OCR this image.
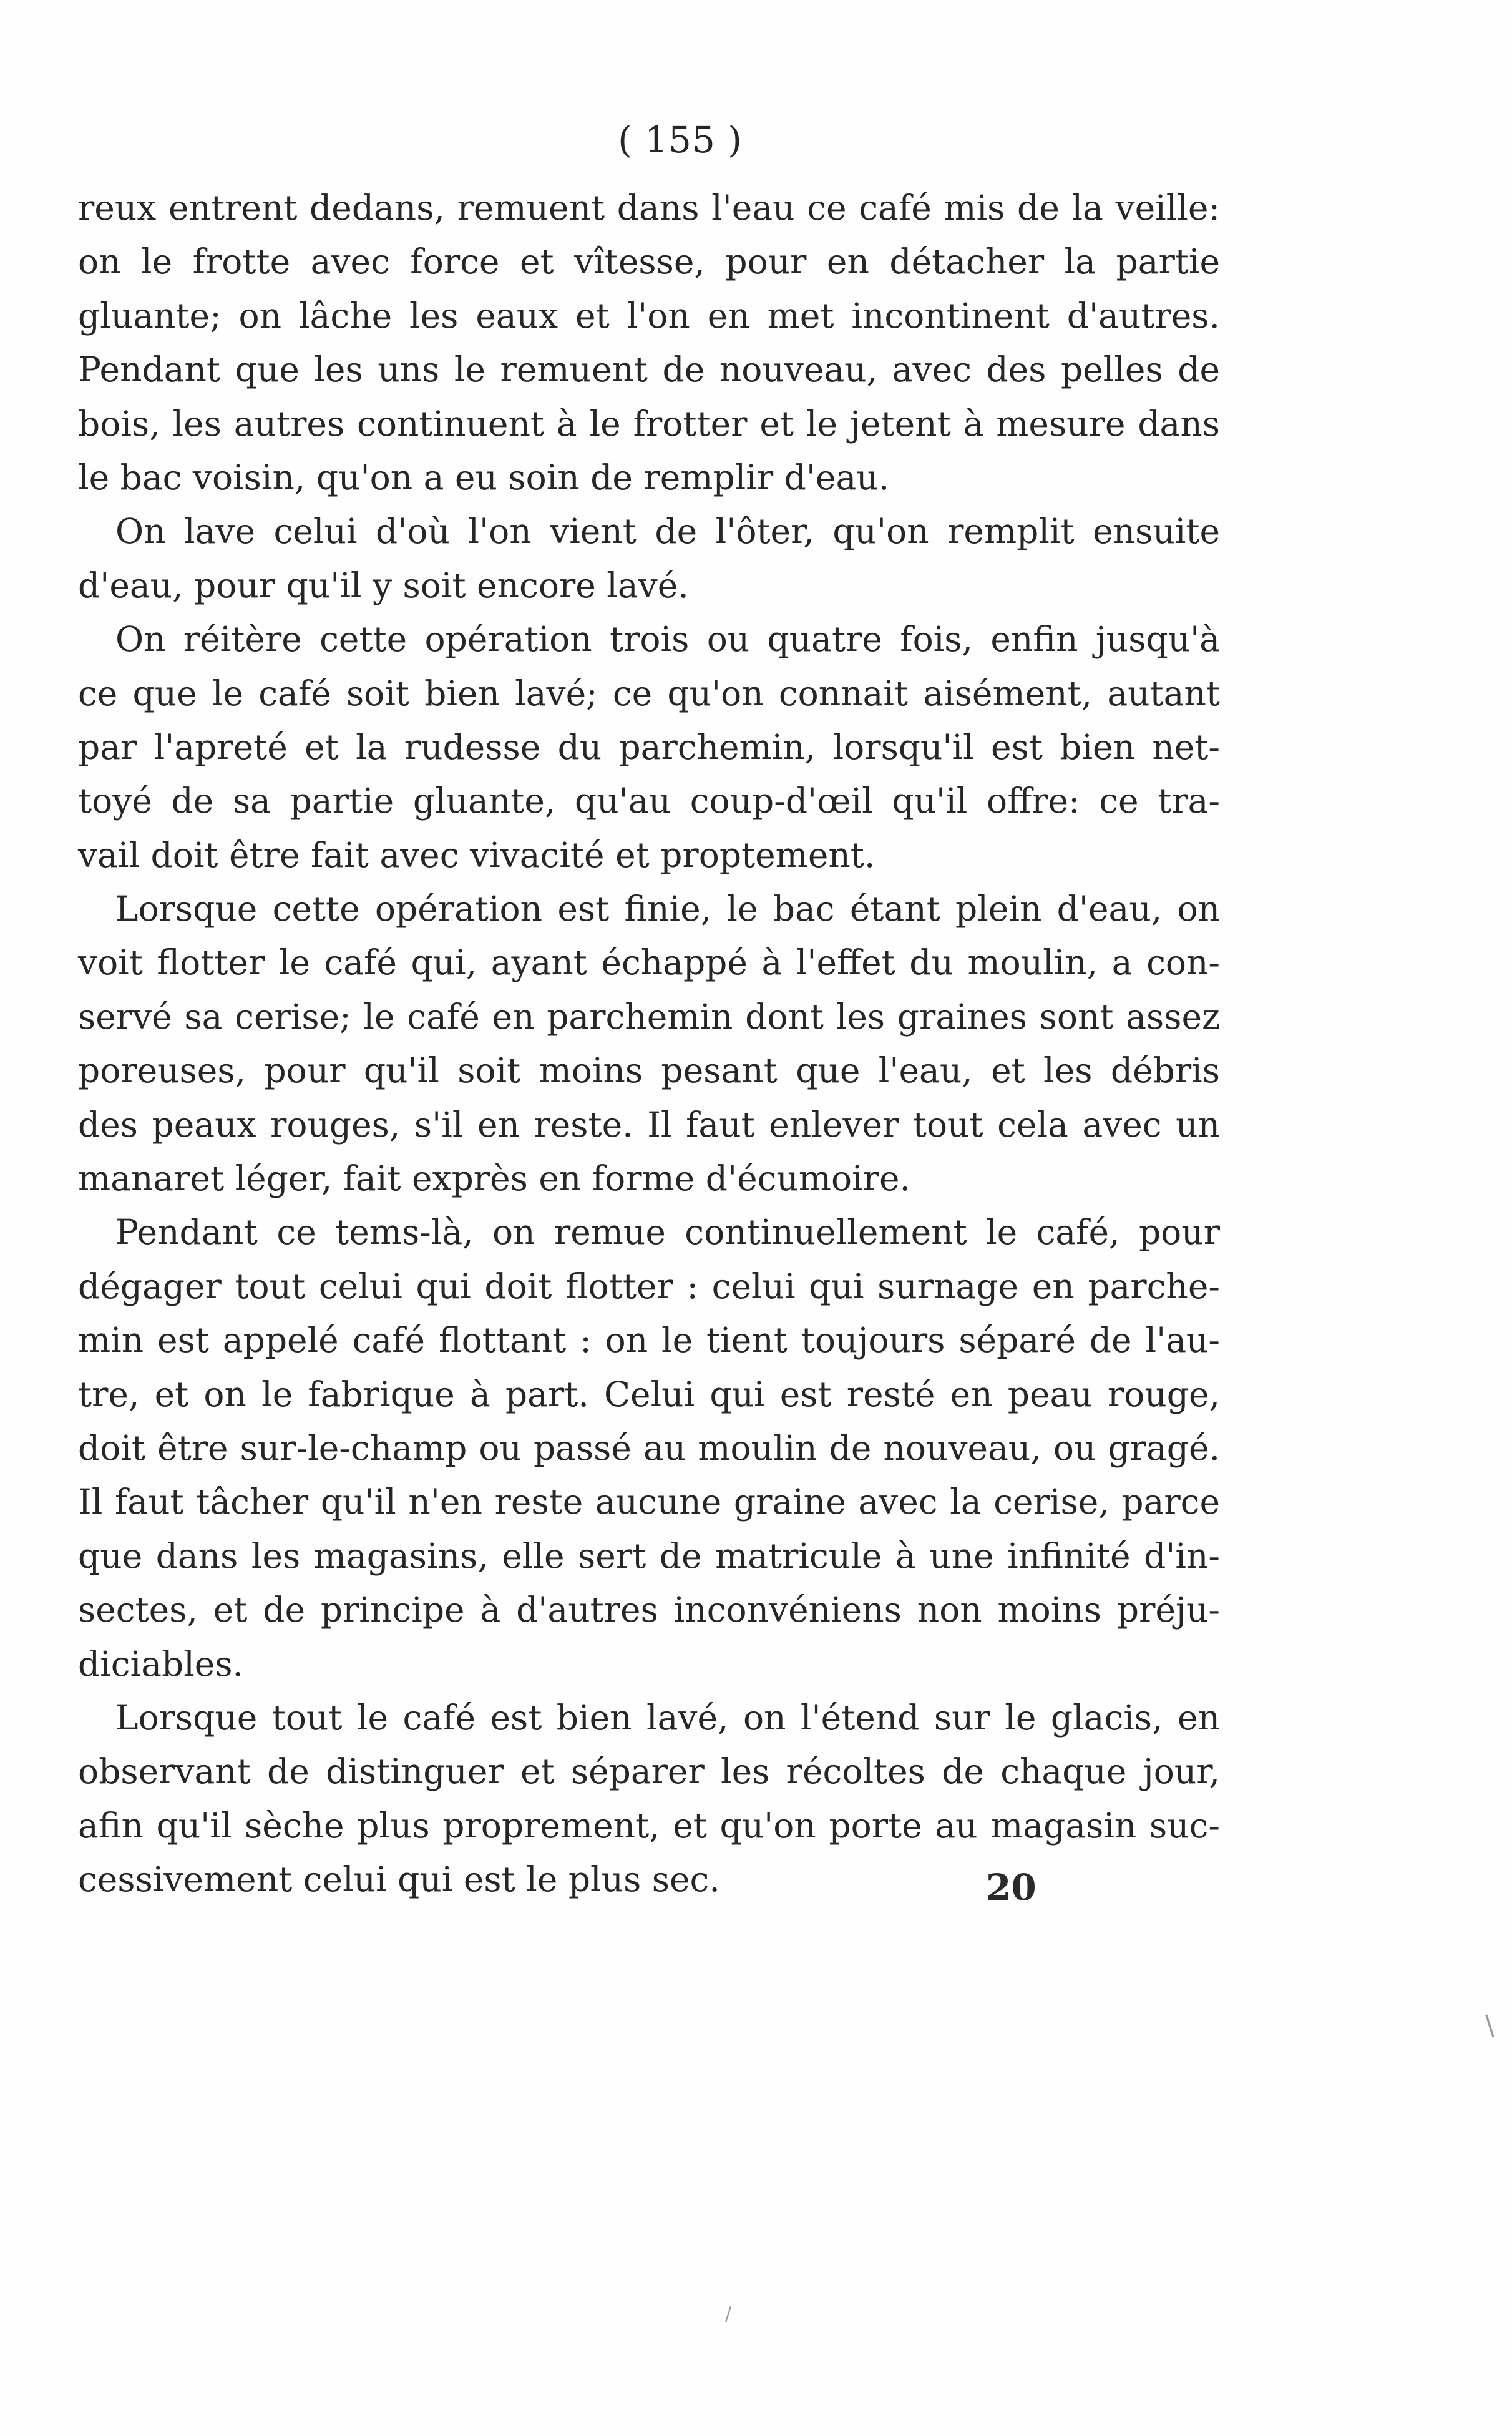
( 155 )
reux entrent dedans, remuent dans l'eau ce café mis de la veille:
on le frotte avec force et vîtesse, pour en détacher la partie
gluante; on lâche les eaux et l'on en met incontinent d'autres.
Pendant que les uns le remuent de nouveau, avec des pelles de
bois, les autres continuent à le frotter et le jetent à mesure dans
le bac voisin, qu'on a eu soin de remplir d'eau.
On lave celui d'où l'on vient de l'ôter, qu'on remplit ensuite
d'eau, pour qu'il y soit encore lavé.
On réitère cette opération trois ou quatre fois, enfin jusqu'à
ce que le café soit bien lavé; ce qu'on connait aisément, autant
par l'apreté et la rudesse du parchemin, lorsqu'il est bien net-
toyé de sa partie gluante, qu'au coup-d'œil qu'il offre: ce tra-
vail doit être fait avec vivacité et proptement.
Lorsque cette opération est finie, le bac étant plein d'eau, on
voit flotter le café qui, ayant échappé à l'effet du moulin, a con-
servé sa cerise; le café en parchemin dont les graines sont assez
poreuses, pour qu'il soit moins pesant que l'eau, et les débris
des peaux rouges, s'il en reste. Il faut enlever tout cela avec un
manaret léger, fait exprès en forme d'écumoire.
Pendant ce tems-là, on remue continuellement le café, pour
dégager tout celui qui doit flotter : celui qui surnage en parche-
min est appelé café flottant : on le tient toujours séparé de l'au-
tre, et on le fabrique à part. Celui qui est resté en peau rouge,
doit être sur-le-champ ou passé au moulin de nouveau, ou gragé.
Il faut tâcher qu'il n'en reste aucune graine avec la cerise, parce
que dans les magasins, elle sert de matricule à une infinité d'in-
sectes, et de principe à d'autres inconvéniens non moins préju-
diciables.
Lorsque tout le café est bien lavé, on l'étend sur le glacis, en
observant de distinguer et séparer les récoltes de chaque jour,
afin qu'il sèche plus proprement, et qu'on porte au magasin suc-
cessivement celui qui est le plus sec.	20
\
/
